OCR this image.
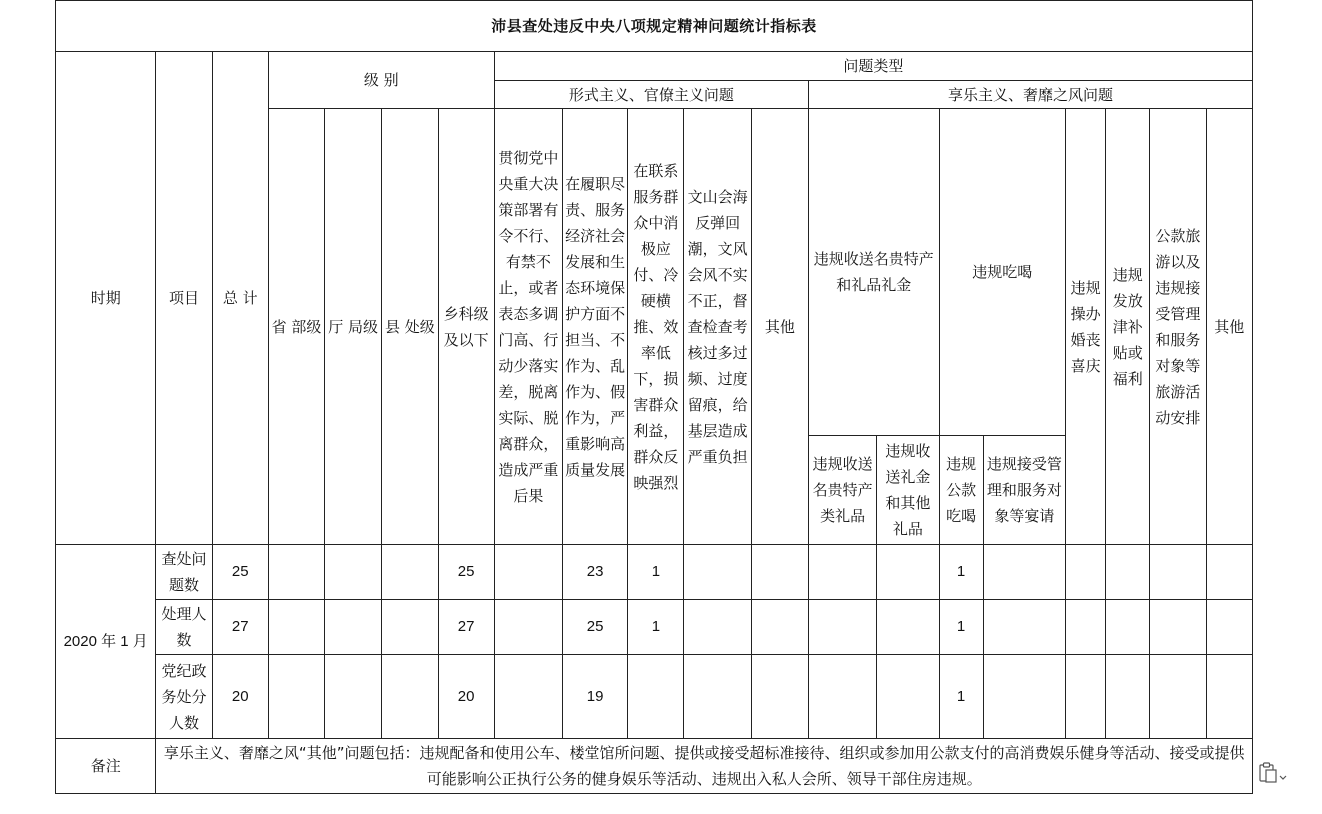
沛县查处违反中央八项规定精神问题统计指标表																			
时期	项目	总 计	级 别				问题类型												
							形式主义、官僚主义问题					享乐主义、奢靡之风问题							
			省 部级	厅 局级	县 处级	乡科级及以下	贯彻党中央重大决策部署有令不行、有禁不止，或者表态多调门高、行动少落实差，脱离实际、脱离群众，造成严重后果	在履职尽责、服务经济社会发展和生态环境保护方面不担当、不作为、乱作为、假作为，严重影响高质量发展	在联系服务群众中消极应付、冷硬横推、效率低下，损害群众利益，群众反映强烈	文山会海反弹回潮，文风会风不实不正，督查检查考核过多过频、过度留痕，给基层造成严重负担	其他	违规收送名贵特产和礼品礼金		违规吃喝		违规操办婚丧喜庆	违规发放津补贴或福利	公款旅游以及违规接受管理和服务对象等旅游活动安排	其他
												违规收送名贵特产类礼品	违规收送礼金和其他礼品	违规公款吃喝	违规接受管理和服务对象等宴请				
2020 年 1 月	查处问题数	25				25		23	1					1					
	处理人数	27				27		25	1					1					
	党纪政务处分人数	20				20		19						1					
备注	享乐主义、奢靡之风“其他”问题包括：违规配备和使用公车、楼堂馆所问题、提供或接受超标准接待、组织或参加用公款支付的高消费娱乐健身等活动、接受或提供可能影响公正执行公务的健身娱乐等活动、违规出入私人会所、领导干部住房违规。																		
